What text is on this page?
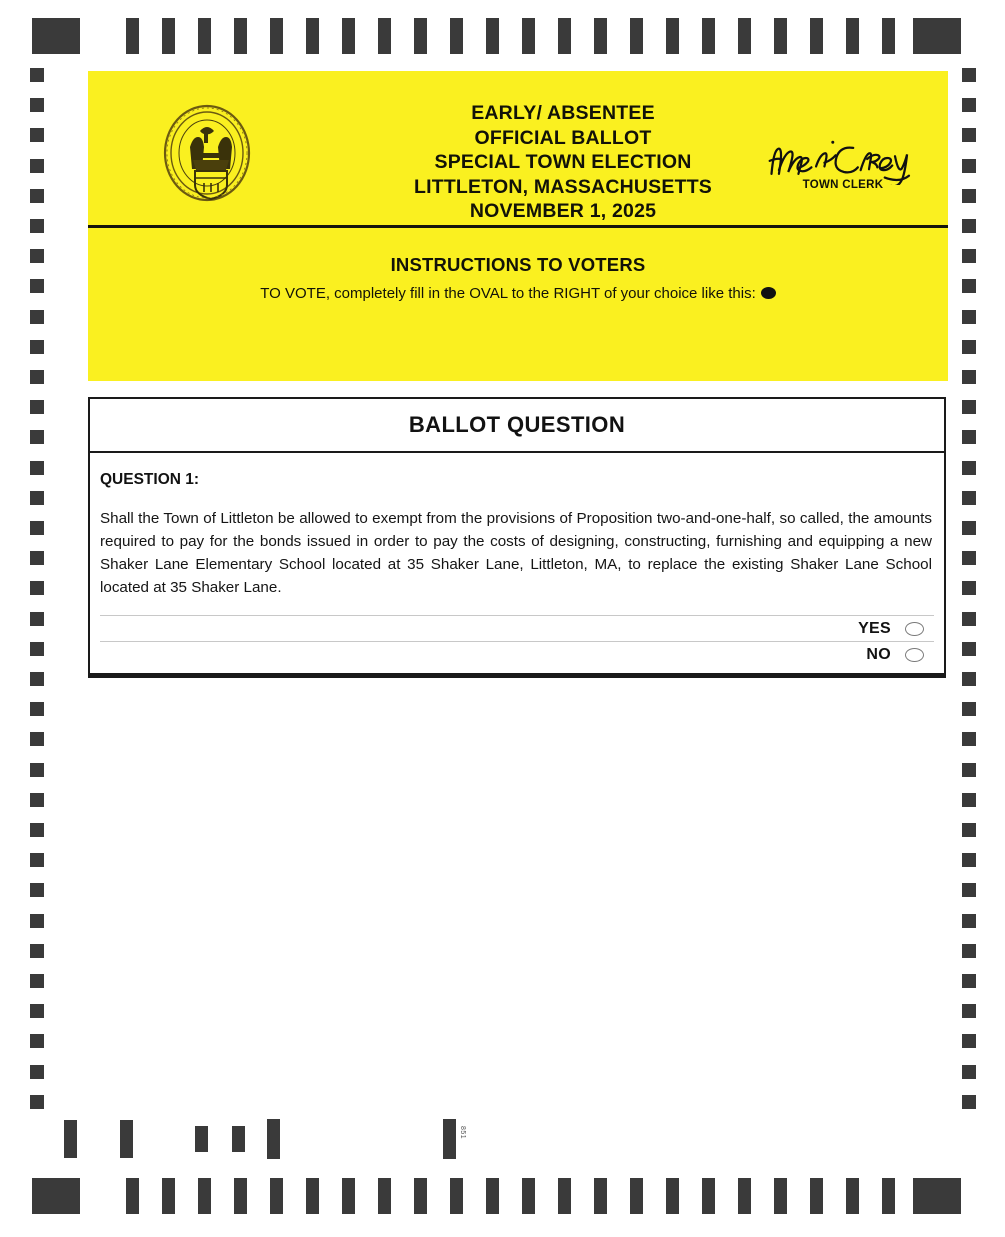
851
EARLY/ ABSENTEE
OFFICIAL BALLOT
SPECIAL TOWN ELECTION
LITTLETON, MASSACHUSETTS
NOVEMBER 1, 2025
TOWN CLERK
INSTRUCTIONS TO VOTERS
TO VOTE, completely fill in the OVAL to the RIGHT of your choice like this:
BALLOT QUESTION
QUESTION 1:
Shall the Town of Littleton be allowed to exempt from the provisions of Proposition two-and-one-half, so called, the amounts required to pay for the bonds issued in order to pay the costs of designing, constructing, furnishing and equipping a new Shaker Lane Elementary School located at 35 Shaker Lane, Littleton, MA, to replace the existing Shaker Lane School located at 35 Shaker Lane.
YES
NO
